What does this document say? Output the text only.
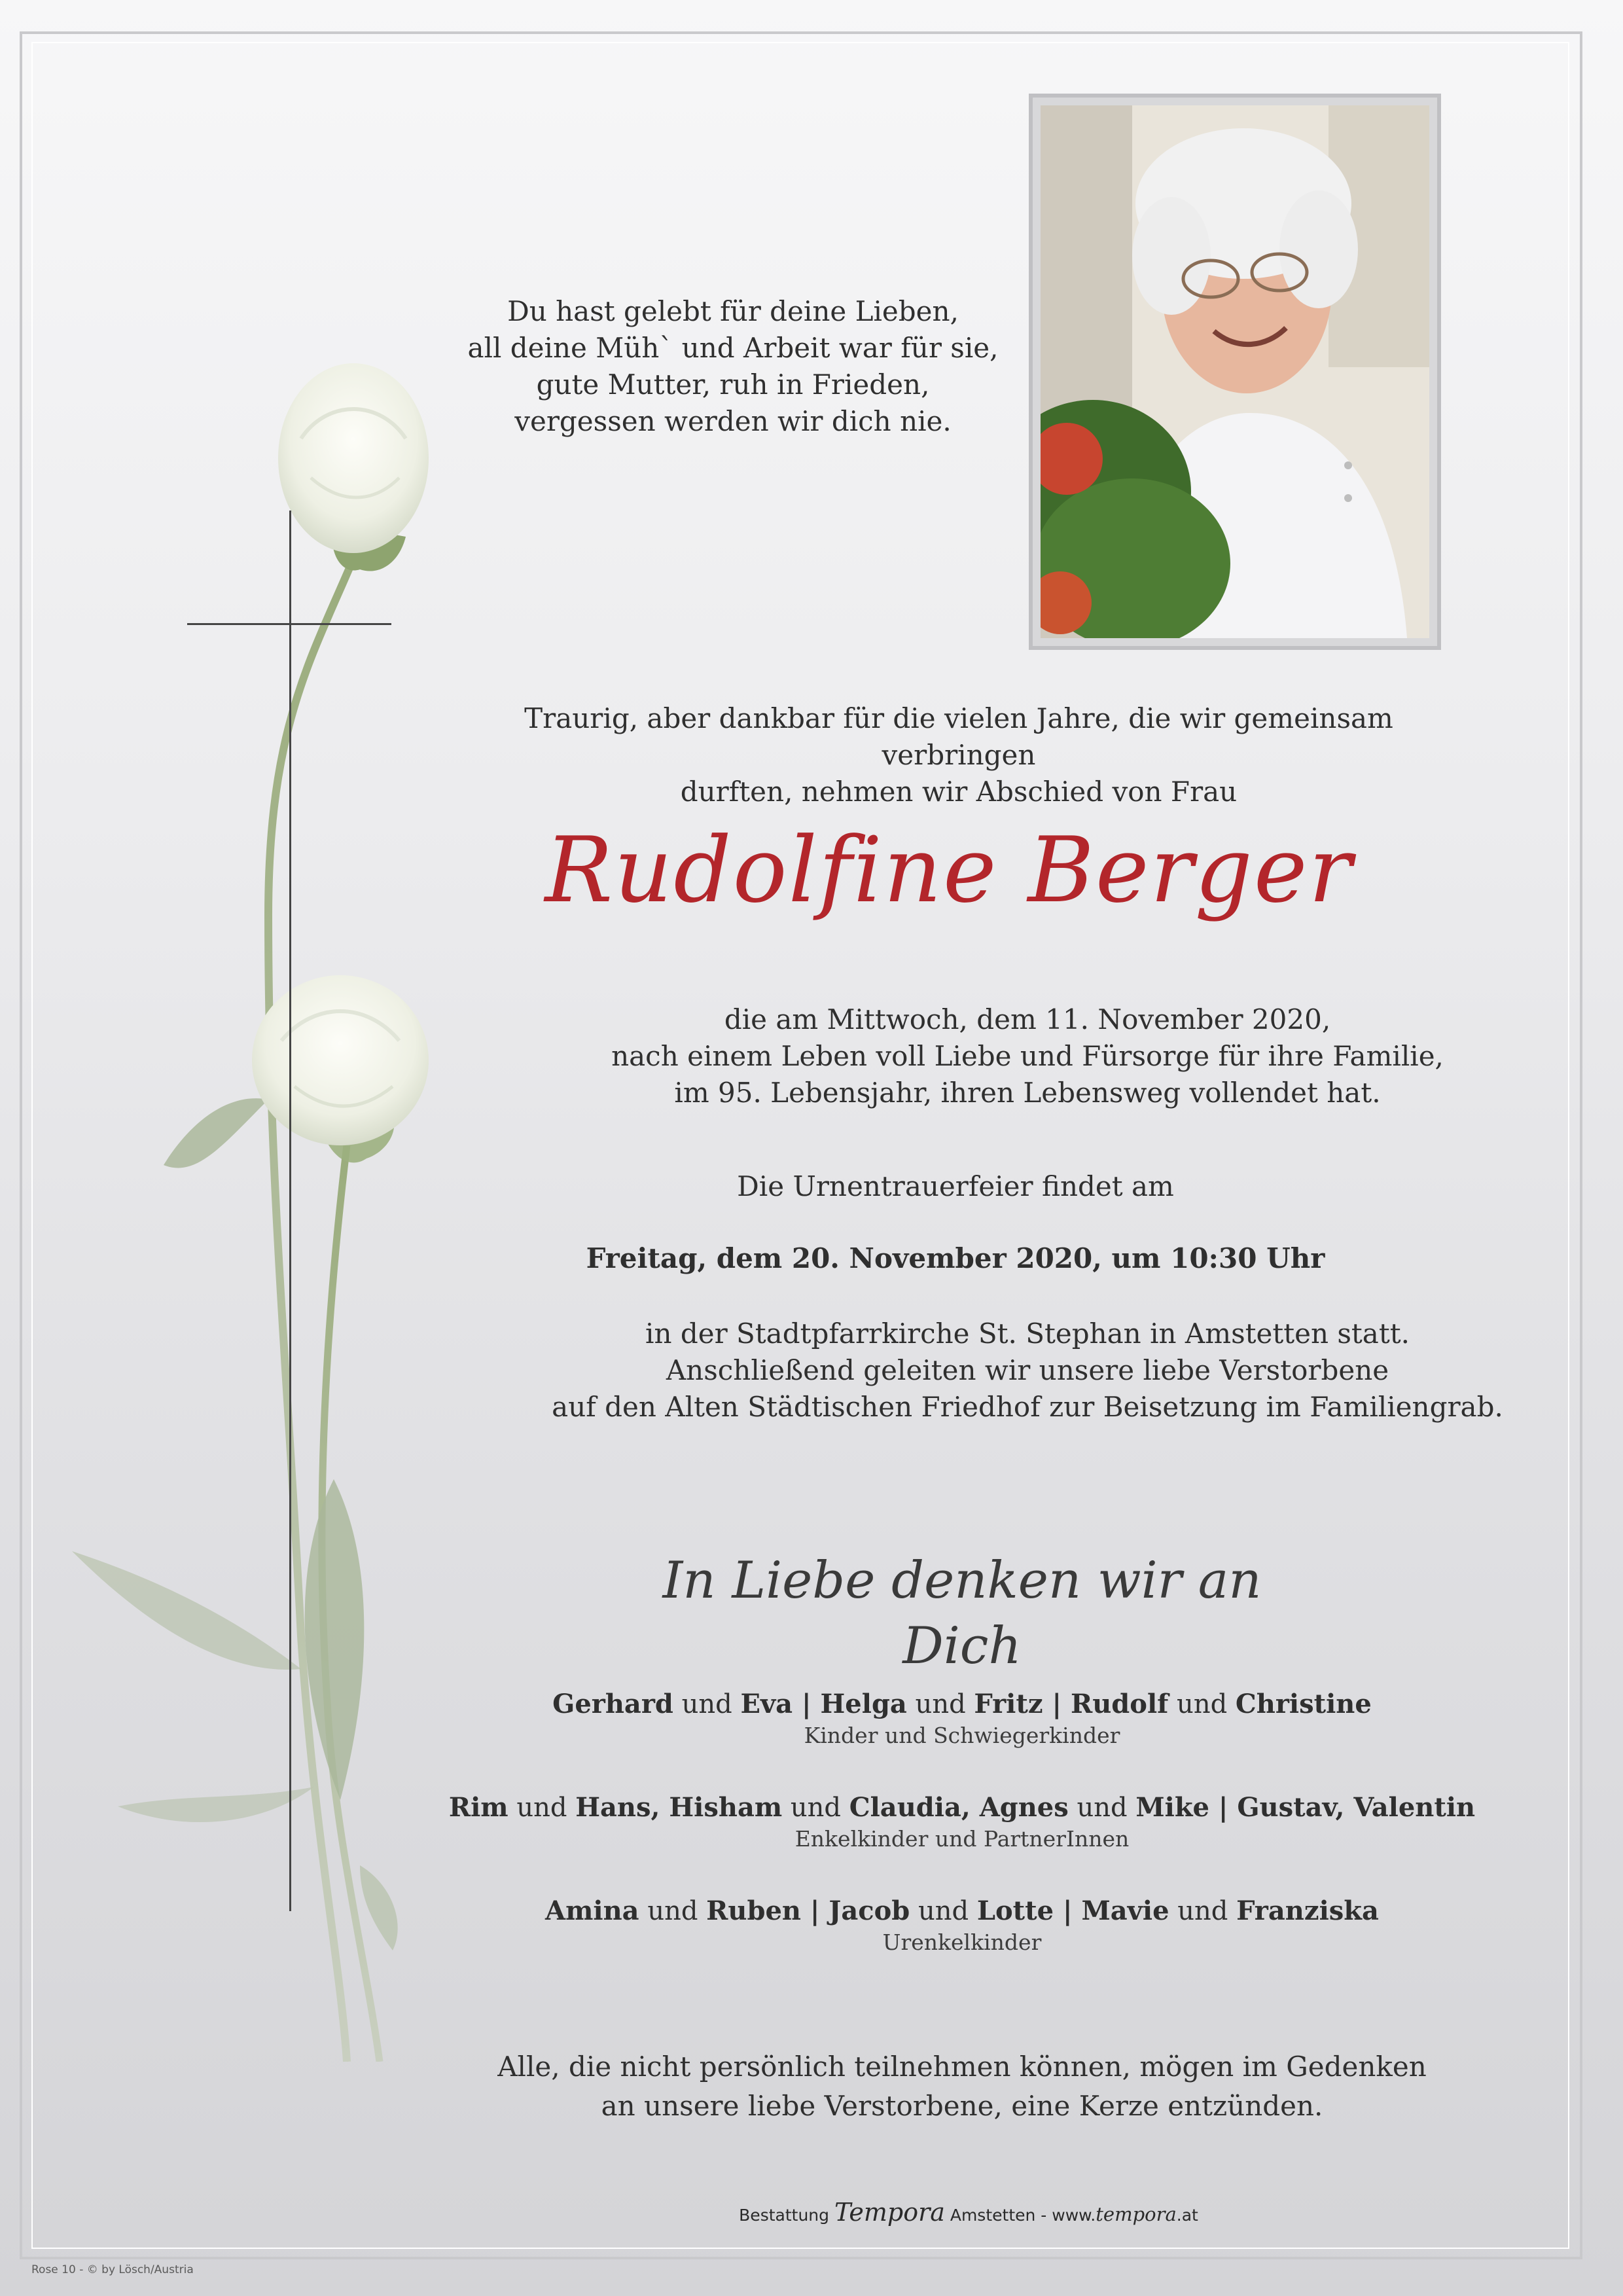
Du hast gelebt für deine Lieben,
all deine Müh` und Arbeit war für sie,
gute Mutter, ruh in Frieden,
vergessen werden wir dich nie.
Traurig, aber dankbar für die vielen Jahre, die wir gemeinsam verbringen
durften, nehmen wir Abschied von Frau
Rudolfine Berger
die am Mittwoch, dem 11. November 2020,
nach einem Leben voll Liebe und Fürsorge für ihre Familie,
im 95. Lebensjahr, ihren Lebensweg vollendet hat.
Die Urnentrauerfeier findet am
Freitag, dem 20. November 2020, um 10:30 Uhr
in der Stadtpfarrkirche St. Stephan in Amstetten statt.
Anschließend geleiten wir unsere liebe Verstorbene
auf den Alten Städtischen Friedhof zur Beisetzung im Familiengrab.
In Liebe denken wir an Dich
Gerhard und Eva | Helga und Fritz | Rudolf und Christine
Kinder und Schwiegerkinder
Rim und Hans, Hisham und Claudia, Agnes und Mike | Gustav, Valentin
Enkelkinder und PartnerInnen
Amina und Ruben | Jacob und Lotte | Mavie und Franziska
Urenkelkinder
Alle, die nicht persönlich teilnehmen können, mögen im Gedenken
an unsere liebe Verstorbene, eine Kerze entzünden.
Bestattung Tempora Amstetten - www.tempora.at
Rose 10 - © by Lösch/Austria
